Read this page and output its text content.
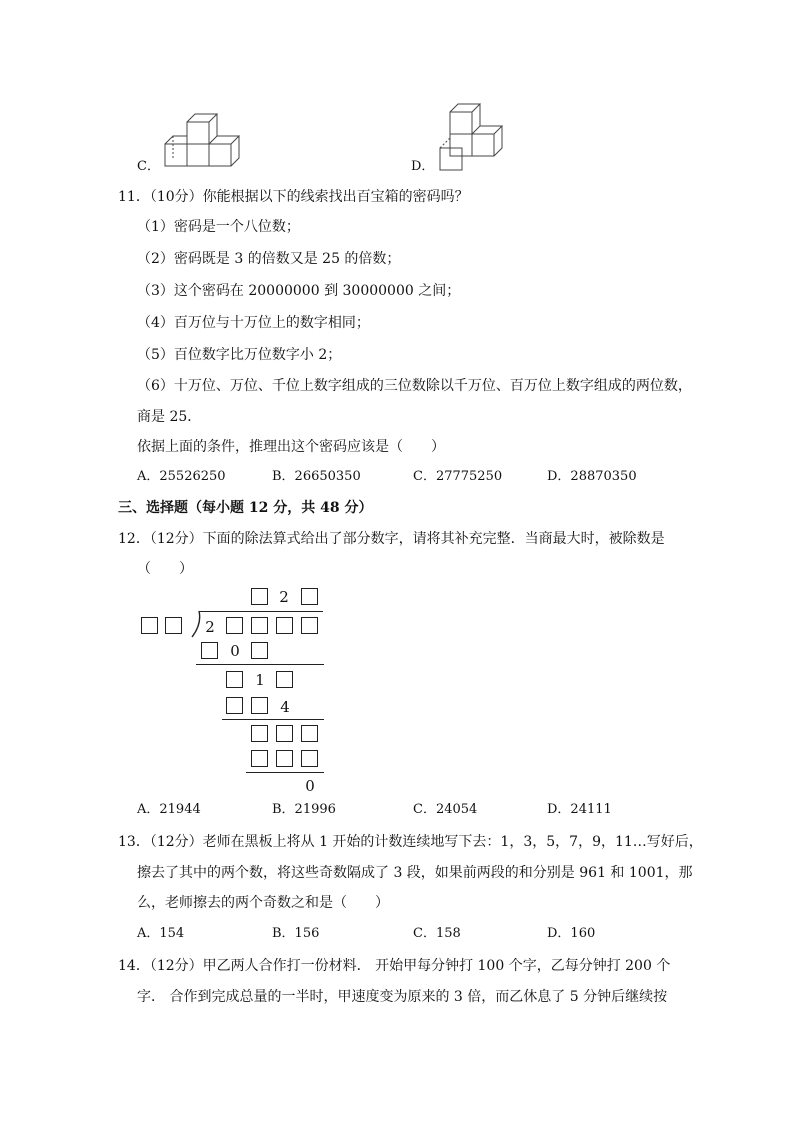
C．	D．
11．（10分）你能根据以下的线索找出百宝箱的密码吗？
（1）密码是一个八位数；
（2）密码既是 3 的倍数又是 25 的倍数；
（3）这个密码在 20000000 到 30000000 之间；
（4）百万位与十万位上的数字相同；
（5）百位数字比万位数字小 2；
（6）十万位、万位、千位上数字组成的三位数除以千万位、百万位上数字组成的两位数，
商是 25．
依据上面的条件，推理出这个密码应该是（　　）
A．25526250	B．26650350	C．27775250	D．28870350
三、选择题（每小题 12 分，共 48 分）
12．（12分）下面的除法算式给出了部分数字，请将其补充完整．当商最大时，被除数是
（　　）
2
2
0
1
4
0
A．21944	B．21996	C．24054	D．24111
13．（12分）老师在黑板上将从 1 开始的计数连续地写下去：1，3，5，7，9，11…写好后，
擦去了其中的两个数，将这些奇数隔成了 3 段，如果前两段的和分别是 961 和 1001，那
么，老师擦去的两个奇数之和是（　　）
A．154	B．156	C．158	D．160
14．（12分）甲乙两人合作打一份材料． 开始甲每分钟打 100 个字，乙每分钟打 200 个
字． 合作到完成总量的一半时，甲速度变为原来的 3 倍，而乙休息了 5 分钟后继续按
